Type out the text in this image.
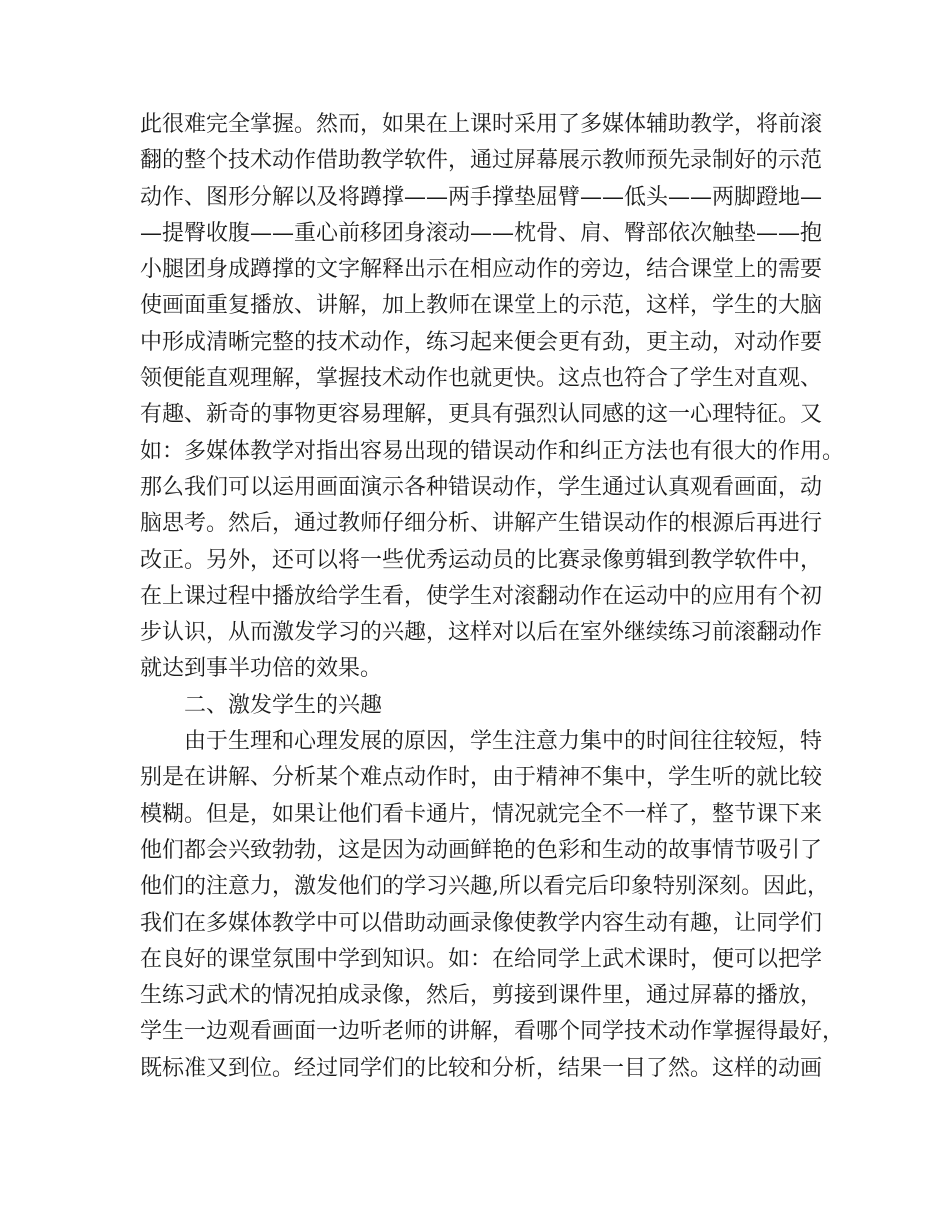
此很难完全掌握。然而，如果在上课时采用了多媒体辅助教学，将前滚
翻的整个技术动作借助教学软件，通过屏幕展示教师预先录制好的示范
动作、图形分解以及将蹲撑——两手撑垫屈臂——低头——两脚蹬地—
—提臀收腹——重心前移团身滚动——枕骨、肩、臀部依次触垫——抱
小腿团身成蹲撑的文字解释出示在相应动作的旁边，结合课堂上的需要
使画面重复播放、讲解，加上教师在课堂上的示范，这样，学生的大脑
中形成清晰完整的技术动作，练习起来便会更有劲，更主动，对动作要
领便能直观理解，掌握技术动作也就更快。这点也符合了学生对直观、
有趣、新奇的事物更容易理解，更具有强烈认同感的这一心理特征。又
如：多媒体教学对指出容易出现的错误动作和纠正方法也有很大的作用。
那么我们可以运用画面演示各种错误动作，学生通过认真观看画面，动
脑思考。然后，通过教师仔细分析、讲解产生错误动作的根源后再进行
改正。另外，还可以将一些优秀运动员的比赛录像剪辑到教学软件中，
在上课过程中播放给学生看，使学生对滚翻动作在运动中的应用有个初
步认识，从而激发学习的兴趣，这样对以后在室外继续练习前滚翻动作
就达到事半功倍的效果。
二、激发学生的兴趣
由于生理和心理发展的原因，学生注意力集中的时间往往较短，特
别是在讲解、分析某个难点动作时，由于精神不集中，学生听的就比较
模糊。但是，如果让他们看卡通片，情况就完全不一样了，整节课下来
他们都会兴致勃勃，这是因为动画鲜艳的色彩和生动的故事情节吸引了
他们的注意力，激发他们的学习兴趣,所以看完后印象特别深刻。因此，
我们在多媒体教学中可以借助动画录像使教学内容生动有趣，让同学们
在良好的课堂氛围中学到知识。如：在给同学上武术课时，便可以把学
生练习武术的情况拍成录像，然后，剪接到课件里，通过屏幕的播放，
学生一边观看画面一边听老师的讲解，看哪个同学技术动作掌握得最好，
既标准又到位。经过同学们的比较和分析，结果一目了然。这样的动画
